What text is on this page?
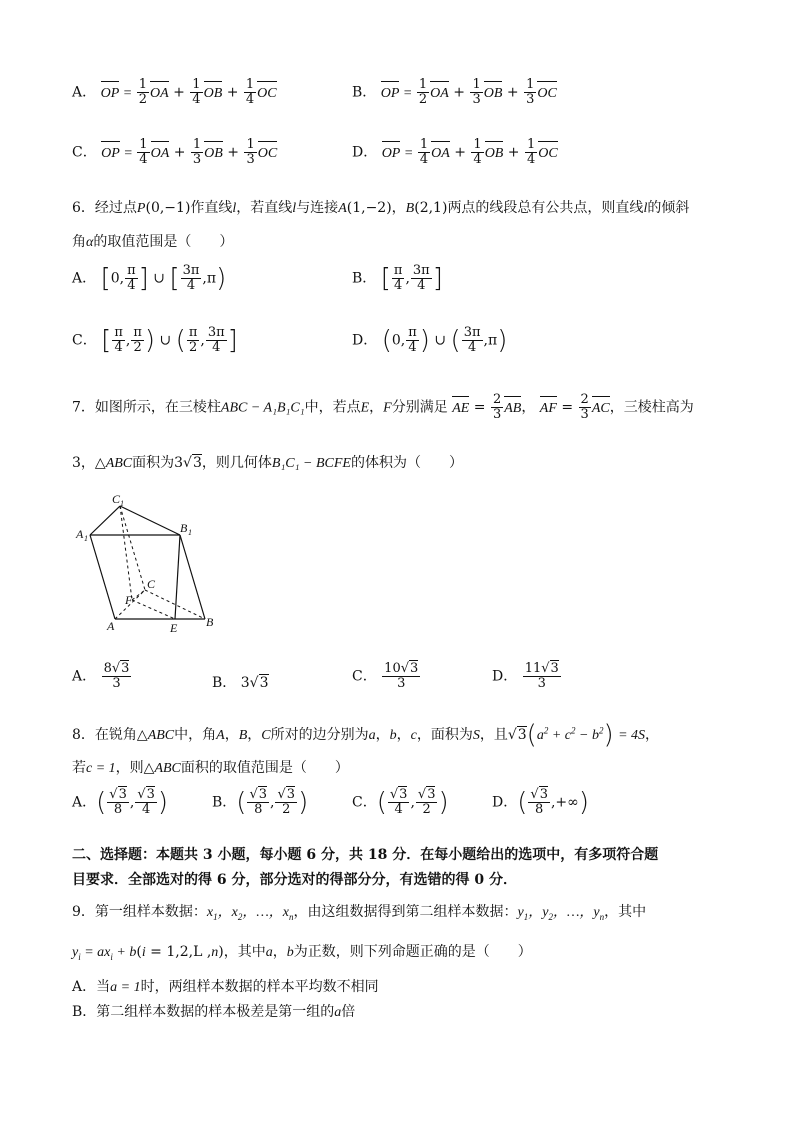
A． OP = $\frac{1}{2}$ OA + $\frac{1}{4}$ OB + $\frac{1}{4}$ OC	B． OP = $\frac{1}{2}$ OA + $\frac{1}{3}$ OB + $\frac{1}{3}$ OC
C． OP = $\frac{1}{4}$ OA + $\frac{1}{3}$ OB + $\frac{1}{3}$ OC	D． OP = $\frac{1}{4}$ OA + $\frac{1}{4}$ OB + $\frac{1}{4}$ OC
6．经过点P(0,−1)作直线l，若直线l与连接A(1,−2)，B(2,1)两点的线段总有公共点，则直线l的倾斜
角α的取值范围是（　　）
A． [0, $\frac{\pi}{4}$ ] ∪ [ $\frac{3\pi}{4} ,\pi$)	B． [ $\frac{\pi}{4}$ , $\frac{3\pi}{4}$ ]
C． [ $\frac{\pi}{4}$ , $\frac{\pi}{2}$ ) ∪ ( $\frac{\pi}{2}$ , $\frac{3\pi}{4}$ ]	D． (0, $\frac{\pi}{4}$ ) ∪ ( $\frac{3\pi}{4} ,\pi$)
7．如图所示，在三棱柱ABC − A₁B₁C₁中，若点E，F分别满足 AE = $\frac{2}{3}$ AB， AF = $\frac{2}{3}$ AC，三棱柱高为
3，△ABC面积为3√3，则几何体B₁C₁ − BCFE的体积为（　　）
C 1
A 1
B 1
C
F
A	E B
A． $\frac{8√3}{3}$	B． 3√3	C． $\frac{10√3}{3}$	D． $\frac{11√3}{3}$
8．在锐角△ABC中，角A，B，C所对的边分别为a，b，c，面积为S，且$√3(a^2 + c^2 - b^2) = 4S$，
若c = 1，则△ABC面积的取值范围是（　　）
A．( $\frac{√3}{8}$ , $\frac{√3}{4}$ )	B．( $\frac{√3}{8}$ , $\frac{√3}{2}$ )	C．( $\frac{√3}{4}$ , $\frac{√3}{2}$ )	D．( $\frac{√3}{8}$ ,+∞)
二、选择题：本题共 3 小题，每小题 6 分，共 18 分．在每小题给出的选项中，有多项符合题
目要求．全部选对的得 6 分，部分选对的得部分分，有选错的得 0 分．
9．第一组样本数据：$x_1$，$x_2$，…，$x_n$，由这组数据得到第二组样本数据：$y_1$，$y_2$，…，$y_n$，其中
$y_i = ax_i + b(i = 1,2,L$ ,n)，其中a，b为正数，则下列命题正确的是（　　）
A．当a = 1时，两组样本数据的样本平均数不相同
B．第二组样本数据的样本极差是第一组的a倍
